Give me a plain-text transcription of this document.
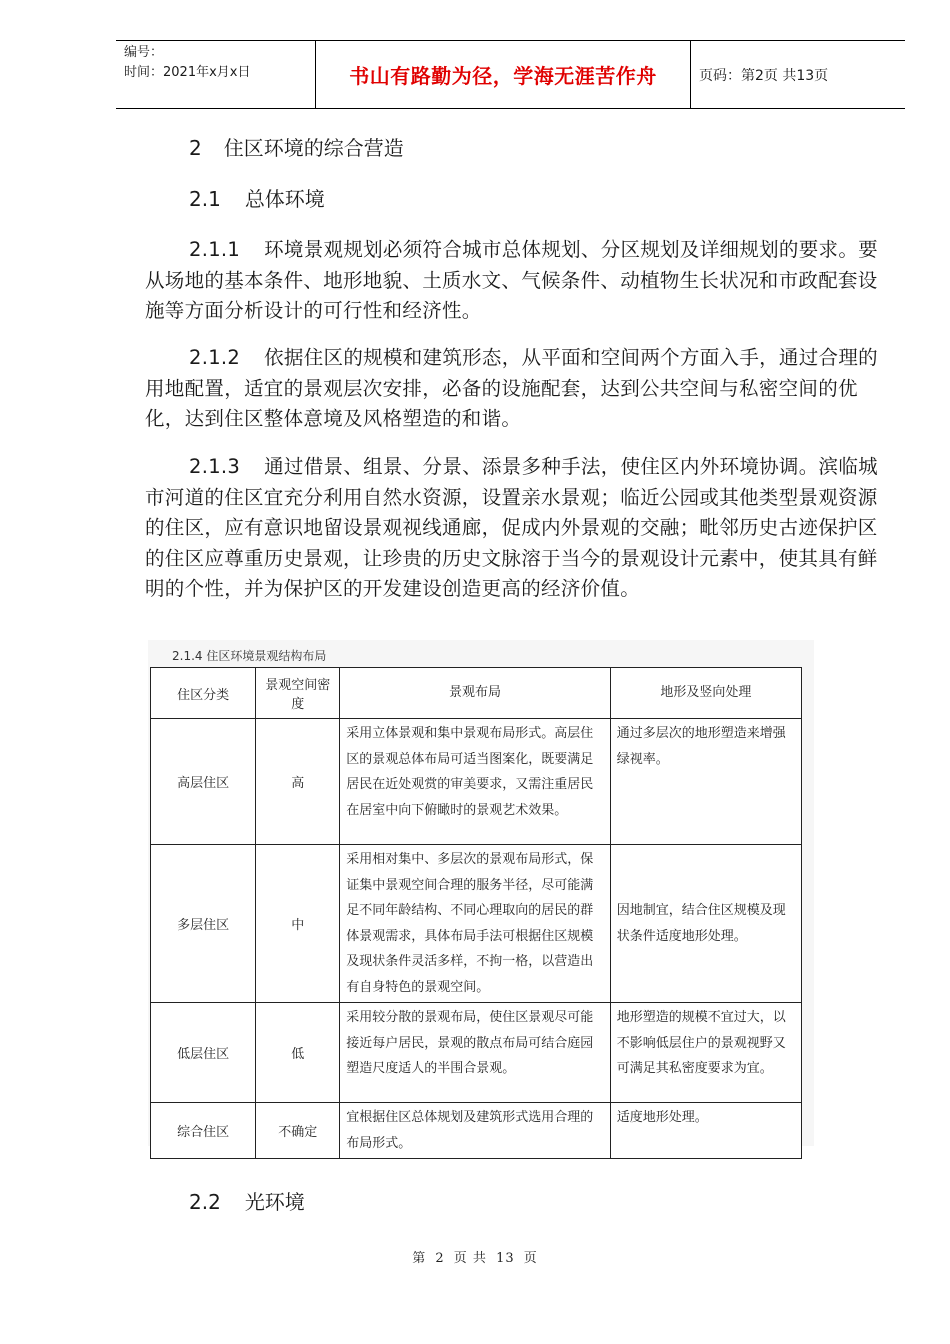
编号：
时间：2021年x月x日	书山有路勤为径，学海无涯苦作舟	页码：第2页 共13页
2 住区环境的综合营造
2.1 总体环境
2.1.1 环境景观规划必须符合城市总体规划、分区规划及详细规划的要求。要从场地的基本条件、地形地貌、土质水文、气候条件、动植物生长状况和市政配套设施等方面分析设计的可行性和经济性。
2.1.2 依据住区的规模和建筑形态，从平面和空间两个方面入手，通过合理的用地配置，适宜的景观层次安排，必备的设施配套，达到公共空间与私密空间的优化，达到住区整体意境及风格塑造的和谐。
2.1.3 通过借景、组景、分景、添景多种手法，使住区内外环境协调。滨临城市河道的住区宜充分利用自然水资源，设置亲水景观；临近公园或其他类型景观资源的住区，应有意识地留设景观视线通廊，促成内外景观的交融；毗邻历史古迹保护区的住区应尊重历史景观，让珍贵的历史文脉溶于当今的景观设计元素中，使其具有鲜明的个性，并为保护区的开发建设创造更高的经济价值。
2.1.4 住区环境景观结构布局
住区分类	景观空间密　　度	景观布局	地形及竖向处理
高层住区	高	采用立体景观和集中景观布局形式。高层住区的景观总体布局可适当图案化，既要满足居民在近处观赏的审美要求，又需注重居民在居室中向下俯瞰时的景观艺术效果。	通过多层次的地形塑造来增强绿视率。
多层住区	中	采用相对集中、多层次的景观布局形式，保证集中景观空间合理的服务半径，尽可能满足不同年龄结构、不同心理取向的居民的群体景观需求，具体布局手法可根据住区规模及现状条件灵活多样，不拘一格，以营造出有自身特色的景观空间。	因地制宜，结合住区规模及现状条件适度地形处理。
低层住区	低	采用较分散的景观布局，使住区景观尽可能接近每户居民，景观的散点布局可结合庭园塑造尺度适人的半围合景观。	地形塑造的规模不宜过大，以不影响低层住户的景观视野又可满足其私密度要求为宜。
综合住区	不确定	宜根据住区总体规划及建筑形式选用合理的布局形式。	适度地形处理。
2.2 光环境
第 2 页 共 13 页
